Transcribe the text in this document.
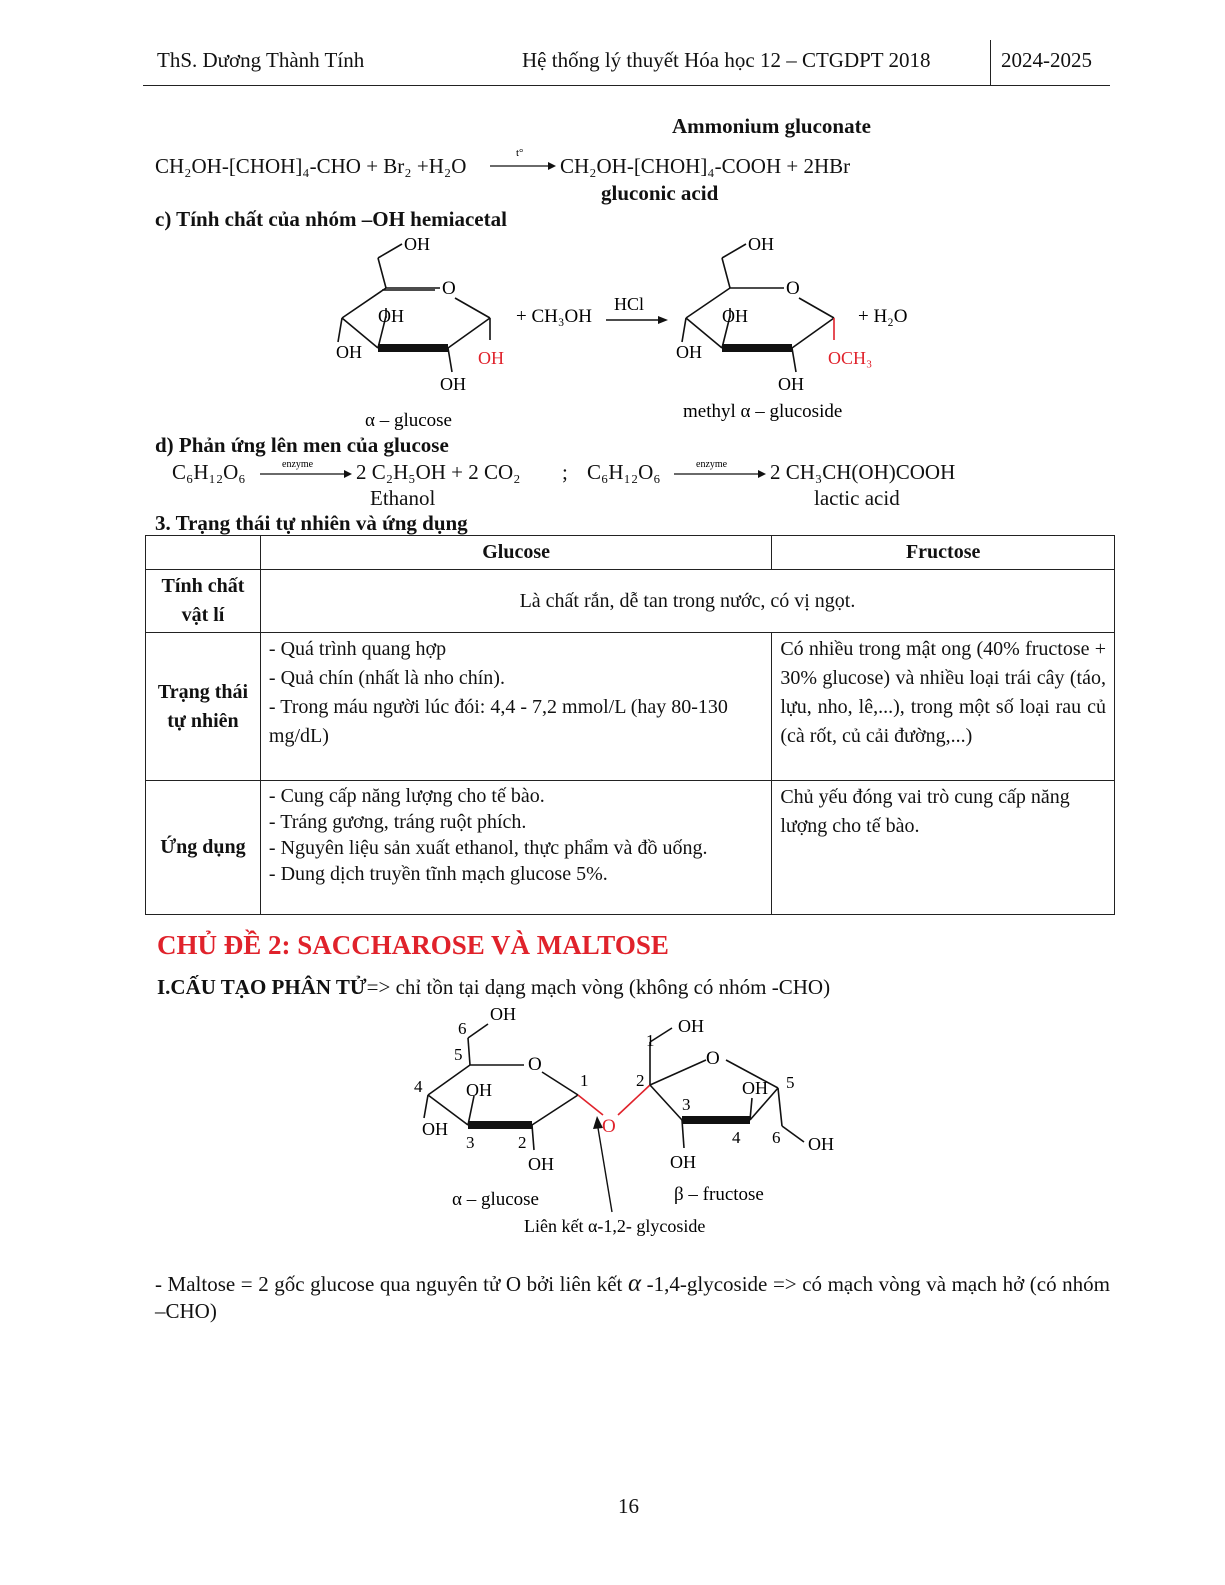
ThS. Dương Thành Tính	Hệ thống lý thuyết Hóa học 12 – CTGDPT 2018	2024-2025
Ammonium gluconate
CH₂OH-[CHOH]₄-CHO + Br₂ +H₂O
t°
CH₂OH-[CHOH]₄-COOH + 2HBr
gluconic acid
c) Tính chất của nhóm –OH hemiacetal
O
OH
OH
OH
OH
OH
α – glucose
+ CH₃OH
HCl
O
OH
OH
OH
OH
OCH₃
+ H₂O
methyl α – glucoside
d) Phản ứng lên men của glucose
C₆H₁₂O₆	enzyme 2 C₂H₅OH + 2 CO₂ ; C₆H₁₂O₆	enzyme 2 CH₃CH(OH)COOH
Ethanol	lactic acid
3. Trạng thái tự nhiên và ứng dụng
	Glucose	Fructose
Tính chất vật lí	Là chất rắn, dễ tan trong nước, có vị ngọt.	
Trạng thái tự nhiên	- Quá trình quang hợp
- Quả chín (nhất là nho chín).
- Trong máu người lúc đói: 4,4 - 7,2 mmol/L (hay 80-130 mg/dL)	Có nhiều trong mật ong (40% fructose + 30% glucose) và nhiều loại trái cây (táo, lựu, nho, lê,...), trong một số loại rau củ (cà rốt, củ cải đường,...)
Ứng dụng	- Cung cấp năng lượng cho tế bào.
- Tráng gương, tráng ruột phích.
- Nguyên liệu sản xuất ethanol, thực phẩm và đồ uống.
- Dung dịch truyền tĩnh mạch glucose 5%.	Chủ yếu đóng vai trò cung cấp năng lượng cho tế bào.
CHỦ ĐỀ 2: SACCHAROSE VÀ MALTOSE
I.CẤU TẠO PHÂN TỬ=> chỉ tồn tại dạng mạch vòng (không có nhóm -CHO)
O
OH
OH
OH
OH
6
5
4
3	2
1
O
O
OH
OH
OH
OH
1
2
3
4
5
6
α – glucose	β – fructose
Liên kết α-1,2- glycoside
- Maltose = 2 gốc glucose qua nguyên tử O bởi liên kết α -1,4-glycoside => có mạch vòng và mạch hở (có nhóm –CHO)
16
